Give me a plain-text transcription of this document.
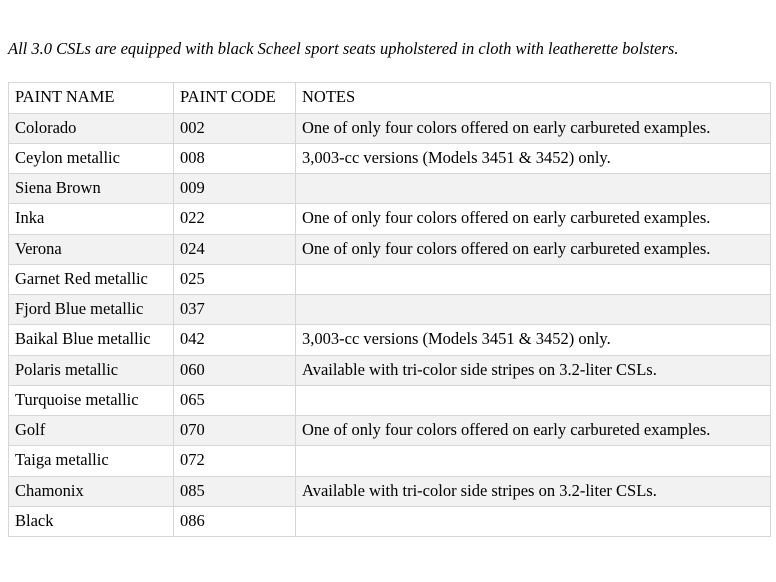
All 3.0 CSLs are equipped with black Scheel sport seats upholstered in cloth with leatherette bolsters.

PAINT NAME	PAINT CODE	NOTES
Colorado	002	One of only four colors offered on early carbureted examples.
Ceylon metallic	008	3,003-cc versions (Models 3451 & 3452) only.
Siena Brown	009	
Inka	022	One of only four colors offered on early carbureted examples.
Verona	024	One of only four colors offered on early carbureted examples.
Garnet Red metallic	025	
Fjord Blue metallic	037	
Baikal Blue metallic	042	3,003-cc versions (Models 3451 & 3452) only.
Polaris metallic	060	Available with tri-color side stripes on 3.2-liter CSLs.
Turquoise metallic	065	
Golf	070	One of only four colors offered on early carbureted examples.
Taiga metallic	072	
Chamonix	085	Available with tri-color side stripes on 3.2-liter CSLs.
Black	086	
